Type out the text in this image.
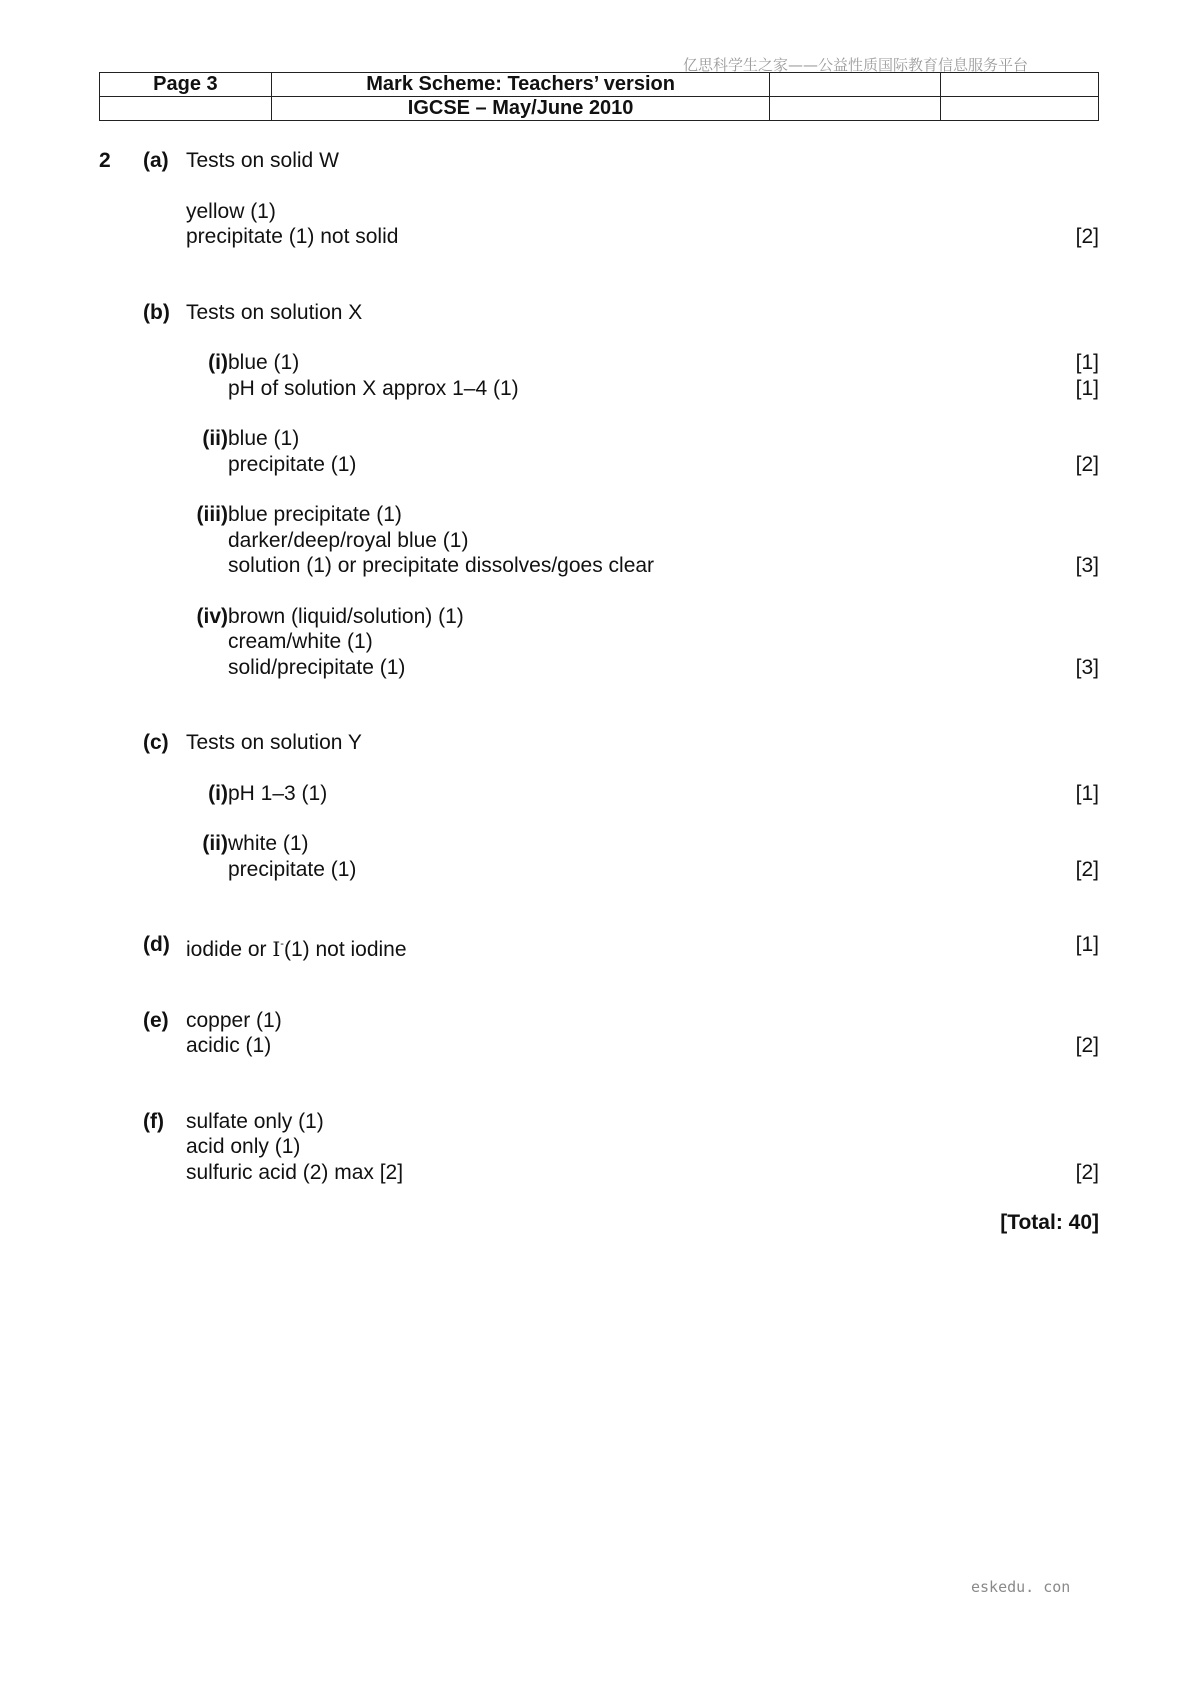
亿思科学生之家——公益性质国际教育信息服务平台
Page 3	Mark Scheme: Teachers’ version		
	IGCSE – May/June 2010		
2 (a) Tests on solid W
yellow (1)
precipitate (1) not solid	[2]
(b) Tests on solution X
(i) blue (1)	[1]
pH of solution X approx 1–4 (1)	[1]
(ii) blue (1)
precipitate (1)	[2]
(iii) blue precipitate (1)
darker/deep/royal blue (1)
solution (1) or precipitate dissolves/goes clear	[3]
(iv) brown (liquid/solution) (1)
cream/white (1)
solid/precipitate (1)	[3]
(c) Tests on solution Y
(i) pH 1–3 (1)	[1]
(ii) white (1)
precipitate (1)	[2]
(d) iodide or I-(1) not iodine	[1]
(e) copper (1)
acidic (1)	[2]
(f) sulfate only (1)
acid only (1)
sulfuric acid (2) max [2]	[2]
[Total: 40]
eskedu. con
